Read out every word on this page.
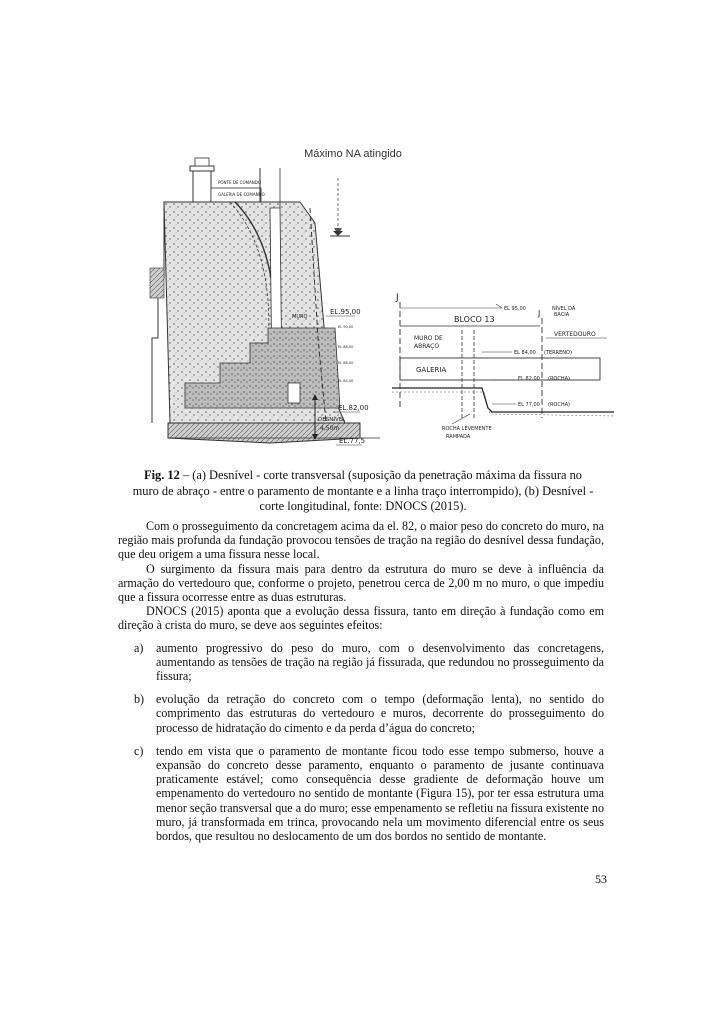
Máximo NA atingido
PONTE DE COMANDO
GALERIA DE COMANDO
EL.95,00
EL 90,00
EL 88,00
EL 86,00
EL 84,00
EL.82,00
DESNÍVEL
4,50m
EL.77,5
MURO
J
J
EL 95,00	NÍVEL DA
BACIA
BLOCO 13
MURO DE
ABRAÇO
VERTEDOURO
EL 84,00 (TERRENO)
GALERIA
EL 82,00 (ROCHA)
EL 77,00 (ROCHA)
ROCHA LEVEMENTE
RAMPADA
Fig. 12 – (a) Desnível - corte transversal (suposição da penetração máxima da fissura no muro de abraço - entre o paramento de montante e a linha traço interrompido), (b) Desnível - corte longitudinal, fonte: DNOCS (2015).

Com o prosseguimento da concretagem acima da el. 82, o maior peso do concreto do muro, na região mais profunda da fundação provocou tensões de tração na região do desnível dessa fundação, que deu origem a uma fissura nesse local.

O surgimento da fissura mais para dentro da estrutura do muro se deve à influência da armação do vertedouro que, conforme o projeto, penetrou cerca de 2,00 m no muro, o que impediu que a fissura ocorresse entre as duas estruturas.

DNOCS (2015) aponta que a evolução dessa fissura, tanto em direção à fundação como em direção à crista do muro, se deve aos seguintes efeitos:

a) aumento progressivo do peso do muro, com o desenvolvimento das concretagens, aumentando as tensões de tração na região já fissurada, que redundou no prosseguimento da fissura;
b) evolução da retração do concreto com o tempo (deformação lenta), no sentido do comprimento das estruturas do vertedouro e muros, decorrente do prosseguimento do processo de hidratação do cimento e da perda d’água do concreto;
c) tendo em vista que o paramento de montante ficou todo esse tempo submerso, houve a expansão do concreto desse paramento, enquanto o paramento de jusante continuava praticamente estável; como consequência desse gradiente de deformação houve um empenamento do vertedouro no sentido de montante (Figura 15), por ter essa estrutura uma menor seção transversal que a do muro; esse empenamento se refletiu na fissura existente no muro, já transformada em trinca, provocando nela um movimento diferencial entre os seus bordos, que resultou no deslocamento de um dos bordos no sentido de montante.
53
